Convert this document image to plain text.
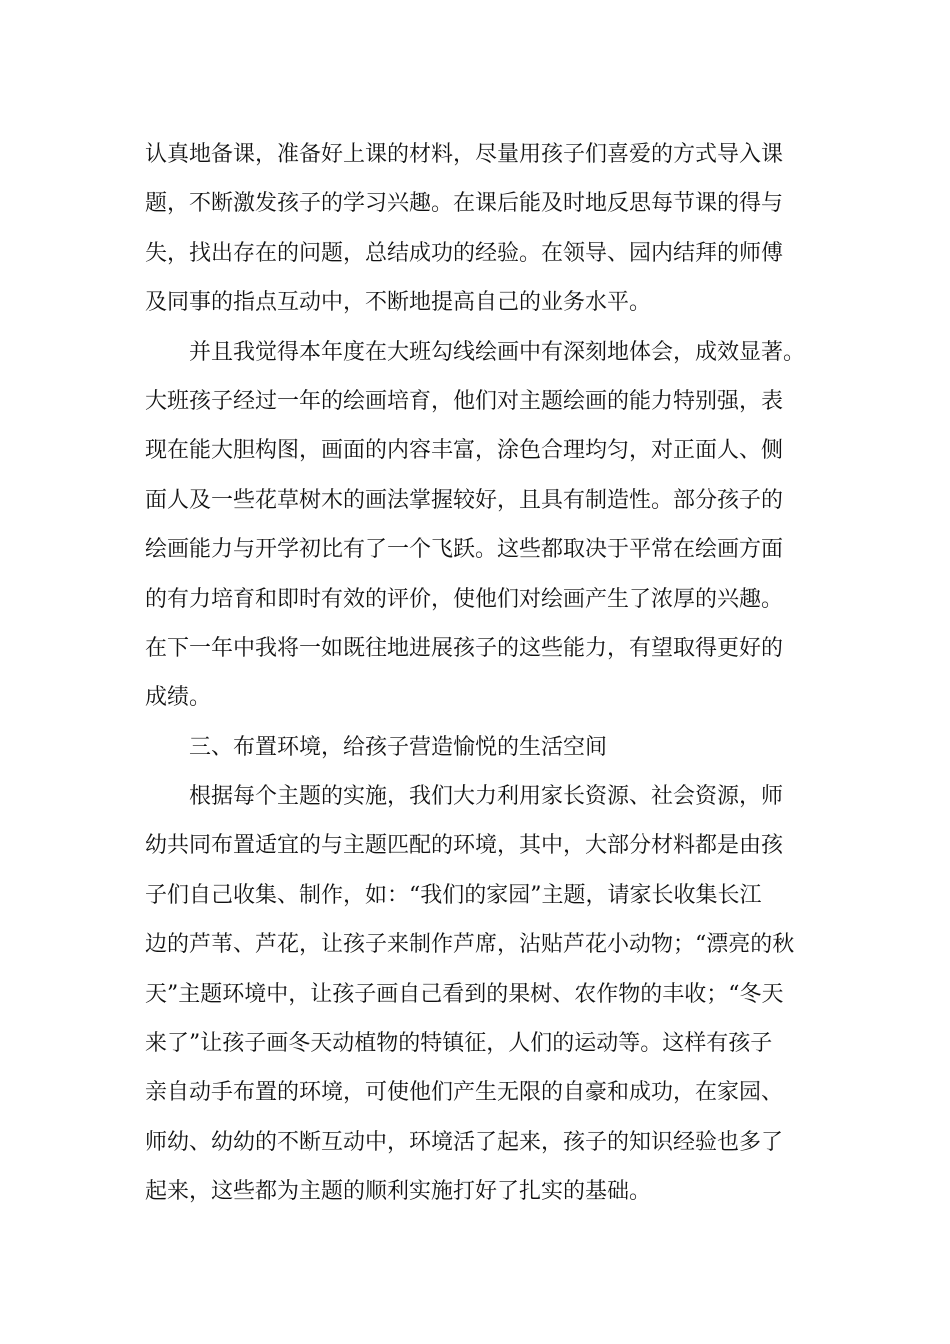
认真地备课，准备好上课的材料，尽量用孩子们喜爱的方式导入课
题，不断激发孩子的学习兴趣。在课后能及时地反思每节课的得与
失，找出存在的问题，总结成功的经验。在领导、园内结拜的师傅
及同事的指点互动中，不断地提高自己的业务水平。
　　并且我觉得本年度在大班勾线绘画中有深刻地体会，成效显著。
大班孩子经过一年的绘画培育，他们对主题绘画的能力特别强，表
现在能大胆构图，画面的内容丰富，涂色合理均匀，对正面人、侧
面人及一些花草树木的画法掌握较好，且具有制造性。部分孩子的
绘画能力与开学初比有了一个飞跃。这些都取决于平常在绘画方面
的有力培育和即时有效的评价，使他们对绘画产生了浓厚的兴趣。
在下一年中我将一如既往地进展孩子的这些能力，有望取得更好的
成绩。
　　三、布置环境，给孩子营造愉悦的生活空间
　　根据每个主题的实施，我们大力利用家长资源、社会资源，师
幼共同布置适宜的与主题匹配的环境，其中，大部分材料都是由孩
子们自己收集、制作，如：“我们的家园”主题，请家长收集长江
边的芦苇、芦花，让孩子来制作芦席，沾贴芦花小动物；“漂亮的秋
天”主题环境中，让孩子画自己看到的果树、农作物的丰收；“冬天
来了”让孩子画冬天动植物的特镇征，人们的运动等。这样有孩子
亲自动手布置的环境，可使他们产生无限的自豪和成功，在家园、
师幼、幼幼的不断互动中，环境活了起来，孩子的知识经验也多了
起来，这些都为主题的顺利实施打好了扎实的基础。
